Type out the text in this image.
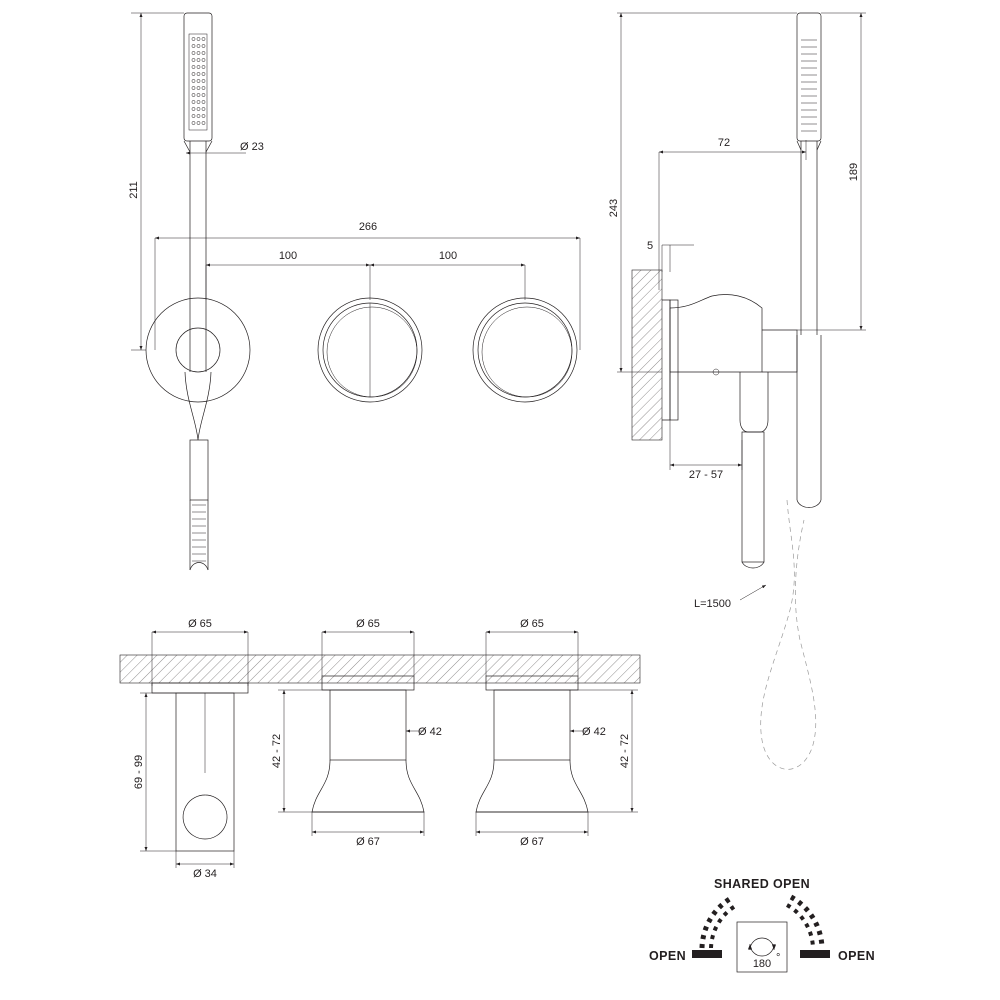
Ø 23
211
266
100	100
72
189
243
5
27 - 57
L=1500
Ø 65	Ø 65	Ø 65
69 - 99
42 - 72	42 - 72
Ø 42	Ø 42
Ø 67	Ø 67
Ø 34
SHARED OPEN
180 °
OPEN	OPEN
